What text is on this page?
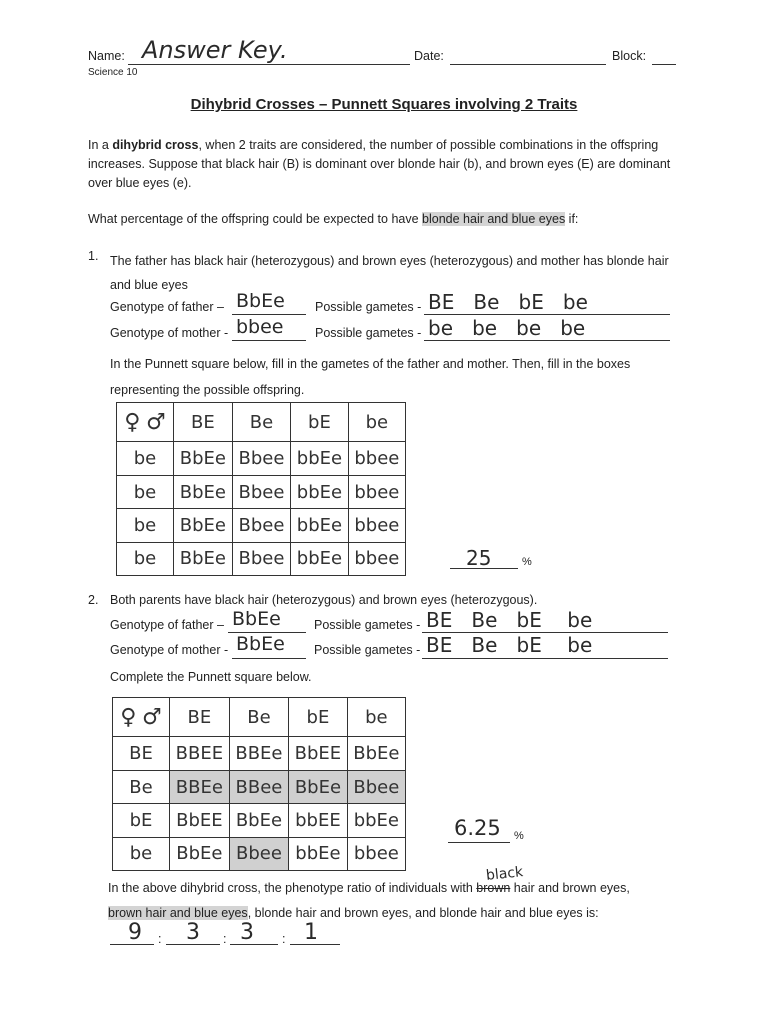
Name: Answer Key.	Date:	Block:
Science 10
Dihybrid Crosses – Punnett Squares involving 2 Traits
In a dihybrid cross, when 2 traits are considered, the number of possible combinations in the offspring increases. Suppose that black hair (B) is dominant over blonde hair (b), and brown eyes (E) are dominant over blue eyes (e).
What percentage of the offspring could be expected to have blonde hair and blue eyes if:
1. The father has black hair (heterozygous) and brown eyes (heterozygous) and mother has blonde hair and blue eyes
Genotype of father – BbEe Possible gametes - BE   Be   bE   be
Genotype of mother - bbee	Possible gametes - be   be   be   be
In the Punnett square below, fill in the gametes of the father and mother. Then, fill in the boxes representing the possible offspring.
♀ ♂	BE	Be	bE	be
be	BbEe	Bbee	bbEe	bbee
be	BbEe	Bbee	bbEe	bbee
be	BbEe	Bbee	bbEe	bbee
be	BbEe	Bbee	bbEe	bbee	25	%
2. Both parents have black hair (heterozygous) and brown eyes (heterozygous).
Genotype of father – BbEe	Possible gametes - BE   Be   bE    be
Genotype of mother - BbEe Possible gametes - BE   Be   bE    be
Complete the Punnett square below.
♀ ♂	BE	Be	bE	be
BE	BBEE	BBEe	BbEE	BbEe
Be	BBEe	BBee	BbEe	Bbee
bE	BbEE	BbEe	bbEE	bbEe
be	BbEe	Bbee	bbEe	bbee
6.25 %
black
In the above dihybrid cross, the phenotype ratio of individuals with brown hair and brown eyes,
brown hair and blue eyes, blonde hair and brown eyes, and blonde hair and blue eyes is:
9 : 3 : 3 : 1
